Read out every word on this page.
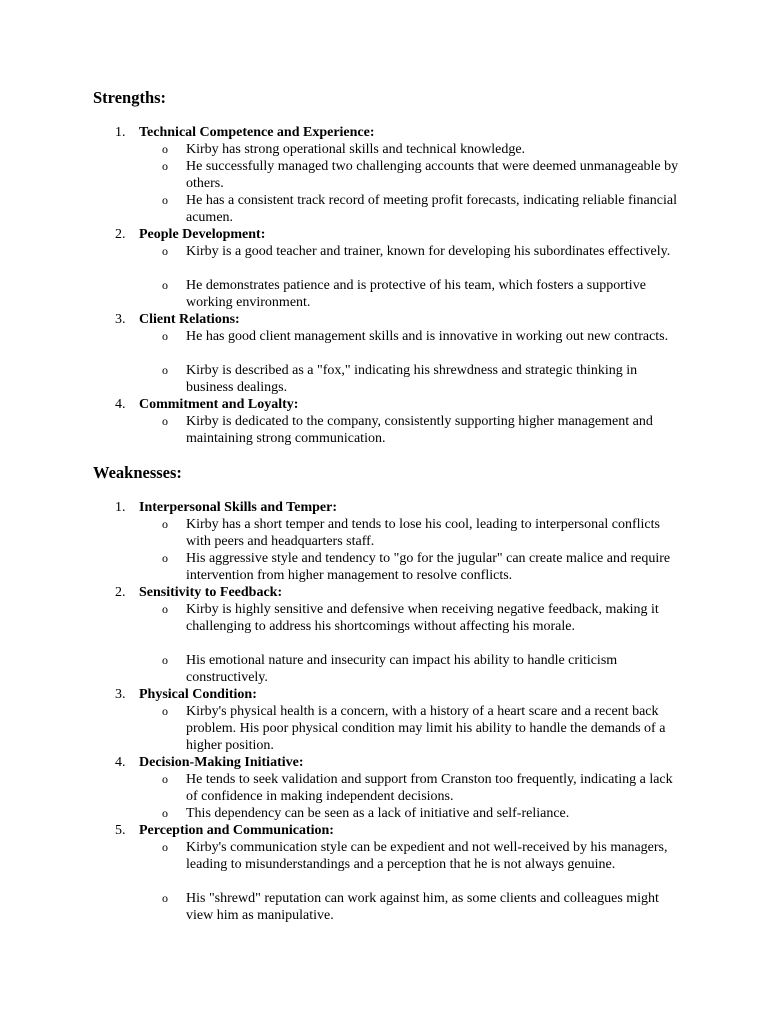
Strengths:
1. Technical Competence and Experience:
o Kirby has strong operational skills and technical knowledge.
o He successfully managed two challenging accounts that were deemed unmanageable by others.
o He has a consistent track record of meeting profit forecasts, indicating reliable financial acumen.
2. People Development:
o Kirby is a good teacher and trainer, known for developing his subordinates effectively.
o He demonstrates patience and is protective of his team, which fosters a supportive working environment.
3. Client Relations:
o He has good client management skills and is innovative in working out new contracts.
o Kirby is described as a "fox," indicating his shrewdness and strategic thinking in business dealings.
4. Commitment and Loyalty:
o Kirby is dedicated to the company, consistently supporting higher management and maintaining strong communication.
Weaknesses:
1. Interpersonal Skills and Temper:
o Kirby has a short temper and tends to lose his cool, leading to interpersonal conflicts with peers and headquarters staff.
o His aggressive style and tendency to "go for the jugular" can create malice and require intervention from higher management to resolve conflicts.
2. Sensitivity to Feedback:
o Kirby is highly sensitive and defensive when receiving negative feedback, making it challenging to address his shortcomings without affecting his morale.
o His emotional nature and insecurity can impact his ability to handle criticism constructively.
3. Physical Condition:
o Kirby's physical health is a concern, with a history of a heart scare and a recent back problem. His poor physical condition may limit his ability to handle the demands of a higher position.
4. Decision-Making Initiative:
o He tends to seek validation and support from Cranston too frequently, indicating a lack of confidence in making independent decisions.
o This dependency can be seen as a lack of initiative and self-reliance.
5. Perception and Communication:
o Kirby's communication style can be expedient and not well-received by his managers, leading to misunderstandings and a perception that he is not always genuine.
o His "shrewd" reputation can work against him, as some clients and colleagues might view him as manipulative.
